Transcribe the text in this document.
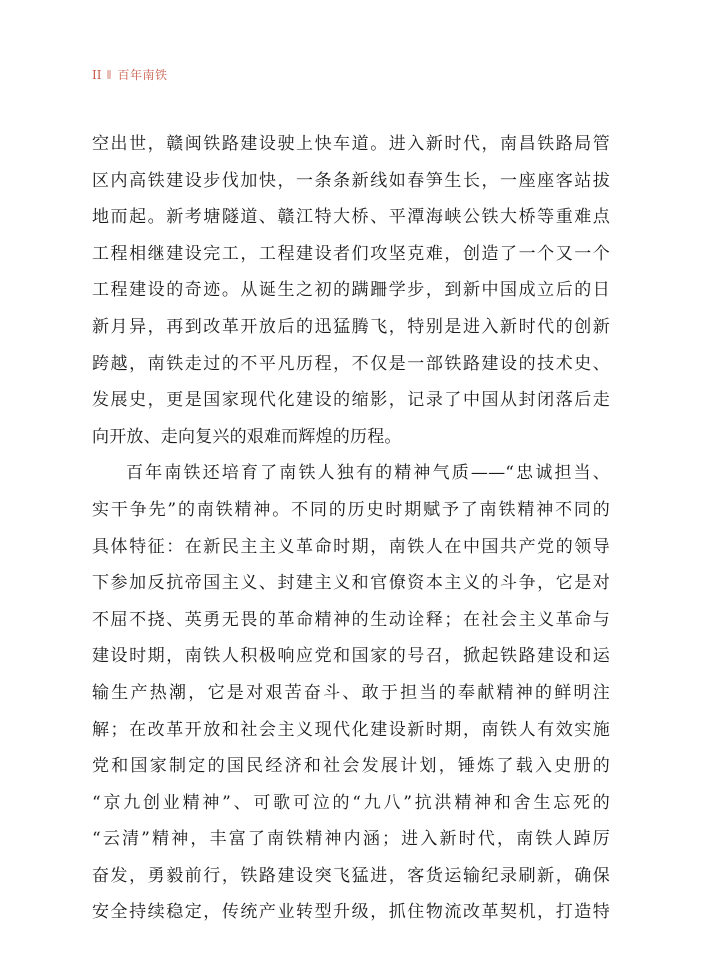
II 百年南铁
空出世，赣闽铁路建设驶上快车道。进入新时代，南昌铁路局管
区内高铁建设步伐加快，一条条新线如春笋生长，一座座客站拔
地而起。新考塘隧道、赣江特大桥、平潭海峡公铁大桥等重难点
工程相继建设完工，工程建设者们攻坚克难，创造了一个又一个
工程建设的奇迹。从诞生之初的蹒跚学步，到新中国成立后的日
新月异，再到改革开放后的迅猛腾飞，特别是进入新时代的创新
跨越，南铁走过的不平凡历程，不仅是一部铁路建设的技术史、
发展史，更是国家现代化建设的缩影，记录了中国从封闭落后走
向开放、走向复兴的艰难而辉煌的历程。
百年南铁还培育了南铁人独有的精神气质——“忠诚担当、
实干争先”的南铁精神。不同的历史时期赋予了南铁精神不同的
具体特征：在新民主主义革命时期，南铁人在中国共产党的领导
下参加反抗帝国主义、封建主义和官僚资本主义的斗争，它是对
不屈不挠、英勇无畏的革命精神的生动诠释；在社会主义革命与
建设时期，南铁人积极响应党和国家的号召，掀起铁路建设和运
输生产热潮，它是对艰苦奋斗、敢于担当的奉献精神的鲜明注
解；在改革开放和社会主义现代化建设新时期，南铁人有效实施
党和国家制定的国民经济和社会发展计划，锤炼了载入史册的
“京九创业精神”、可歌可泣的“九八”抗洪精神和舍生忘死的
“云清”精神，丰富了南铁精神内涵；进入新时代，南铁人踔厉
奋发，勇毅前行，铁路建设突飞猛进，客货运输纪录刷新，确保
安全持续稳定，传统产业转型升级，抓住物流改革契机，打造特
